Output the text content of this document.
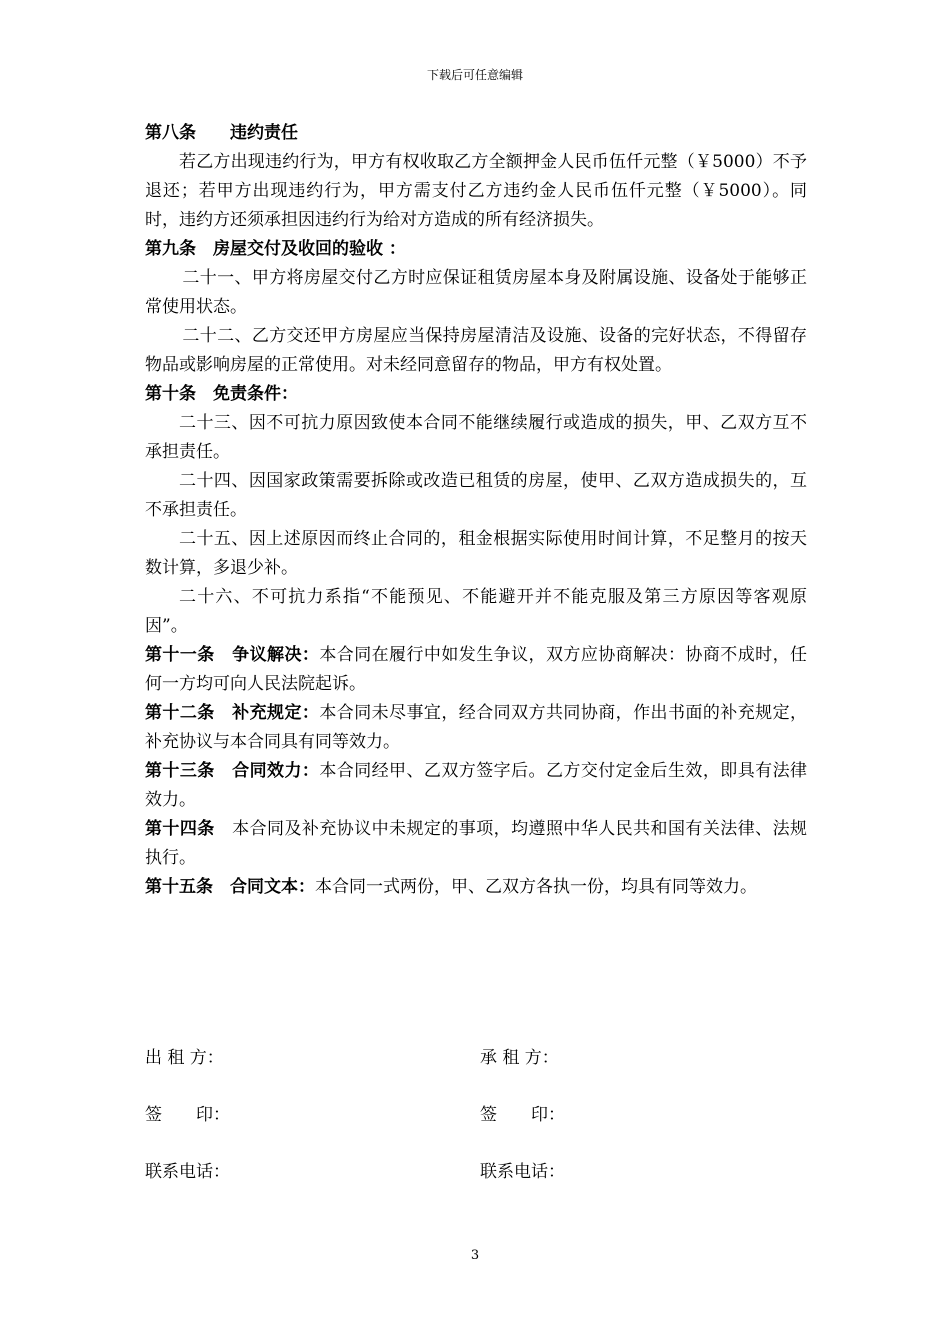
下载后可任意编辑

第八条　　违约责任

若乙方出现违约行为，甲方有权收取乙方全额押金人民币伍仟元整（￥5000）不予退还；若甲方出现违约行为，甲方需支付乙方违约金人民币伍仟元整（￥5000）。同时，违约方还须承担因违约行为给对方造成的所有经济损失。

第九条　房屋交付及收回的验收 ：

二十一、甲方将房屋交付乙方时应保证租赁房屋本身及附属设施、设备处于能够正常使用状态。

二十二、乙方交还甲方房屋应当保持房屋清洁及设施、设备的完好状态，不得留存物品或影响房屋的正常使用。对未经同意留存的物品，甲方有权处置。

第十条　免责条件：

二十三、因不可抗力原因致使本合同不能继续履行或造成的损失，甲、乙双方互不承担责任。

二十四、因国家政策需要拆除或改造已租赁的房屋，使甲、乙双方造成损失的，互不承担责任。

二十五、因上述原因而终止合同的，租金根据实际使用时间计算，不足整月的按天数计算，多退少补。

二十六、不可抗力系指“不能预见、不能避开并不能克服及第三方原因等客观原因”。

第十一条　争议解决：本合同在履行中如发生争议，双方应协商解决：协商不成时，任何一方均可向人民法院起诉。

第十二条　补充规定：本合同未尽事宜，经合同双方共同协商，作出书面的补充规定，补充协议与本合同具有同等效力。

第十三条　合同效力：本合同经甲、乙双方签字后。乙方交付定金后生效，即具有法律效力。

第十四条　本合同及补充协议中未规定的事项，均遵照中华人民共和国有关法律、法规执行。

第十五条　合同文本：本合同一式两份，甲、乙双方各执一份，均具有同等效力。

出 租 方：	承 租 方：
签　　印：	签　　印：
联系电话：	联系电话：
3
